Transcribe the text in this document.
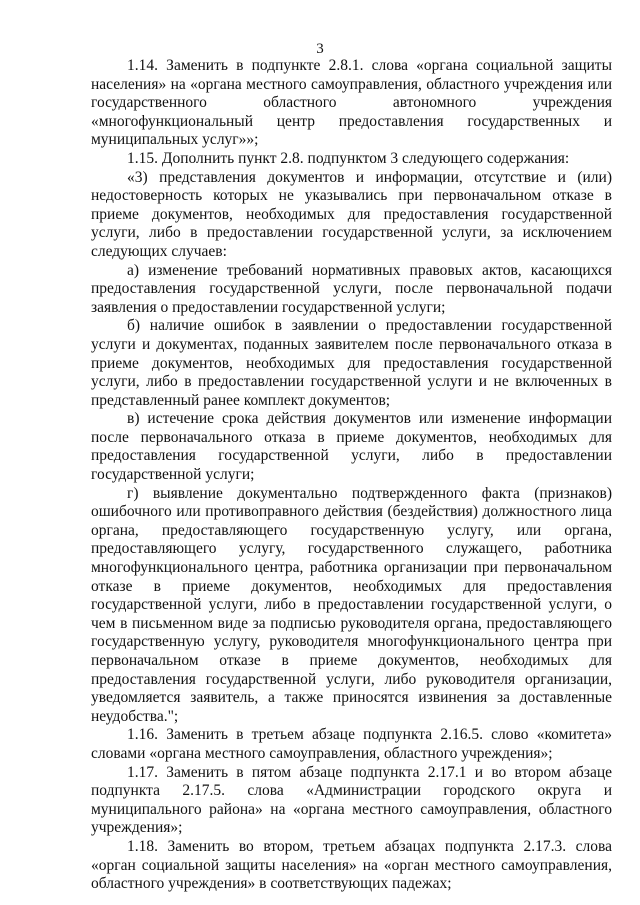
3

1.14. Заменить в подпункте 2.8.1. слова «органа социальной защиты населения» на «органа местного самоуправления, областного учреждения или государственного областного автономного учреждения «многофункциональный центр предоставления государственных и муниципальных услуг»»;

1.15. Дополнить пункт 2.8. подпунктом 3 следующего содержания:

«3) представления документов и информации, отсутствие и (или) недостоверность которых не указывались при первоначальном отказе в приеме документов, необходимых для предоставления государственной услуги, либо в предоставлении государственной услуги, за исключением следующих случаев:

а) изменение требований нормативных правовых актов, касающихся предоставления государственной услуги, после первоначальной подачи заявления о предоставлении государственной услуги;

б) наличие ошибок в заявлении о предоставлении государственной услуги и документах, поданных заявителем после первоначального отказа в приеме документов, необходимых для предоставления государственной услуги, либо в предоставлении государственной услуги и не включенных в представленный ранее комплект документов;

в) истечение срока действия документов или изменение информации после первоначального отказа в приеме документов, необходимых для предоставления государственной услуги, либо в предоставлении государственной услуги;

г) выявление документально подтвержденного факта (признаков) ошибочного или противоправного действия (бездействия) должностного лица органа, предоставляющего государственную услугу, или органа, предоставляющего услугу, государственного служащего, работника многофункционального центра, работника организации при первоначальном отказе в приеме документов, необходимых для предоставления государственной услуги, либо в предоставлении государственной услуги, о чем в письменном виде за подписью руководителя органа, предоставляющего государственную услугу, руководителя многофункционального центра при первоначальном отказе в приеме документов, необходимых для предоставления государственной услуги, либо руководителя организации, уведомляется заявитель, а также приносятся извинения за доставленные неудобства.";

1.16. Заменить в третьем абзаце подпункта 2.16.5. слово «комитета» словами «органа местного самоуправления, областного учреждения»;

1.17. Заменить в пятом абзаце подпункта 2.17.1 и во втором абзаце подпункта 2.17.5. слова «Администрации городского округа и муниципального района» на «органа местного самоуправления, областного учреждения»;

1.18. Заменить во втором, третьем абзацах подпункта 2.17.3. слова «орган социальной защиты населения» на «орган местного самоуправления, областного учреждения» в соответствующих падежах;
